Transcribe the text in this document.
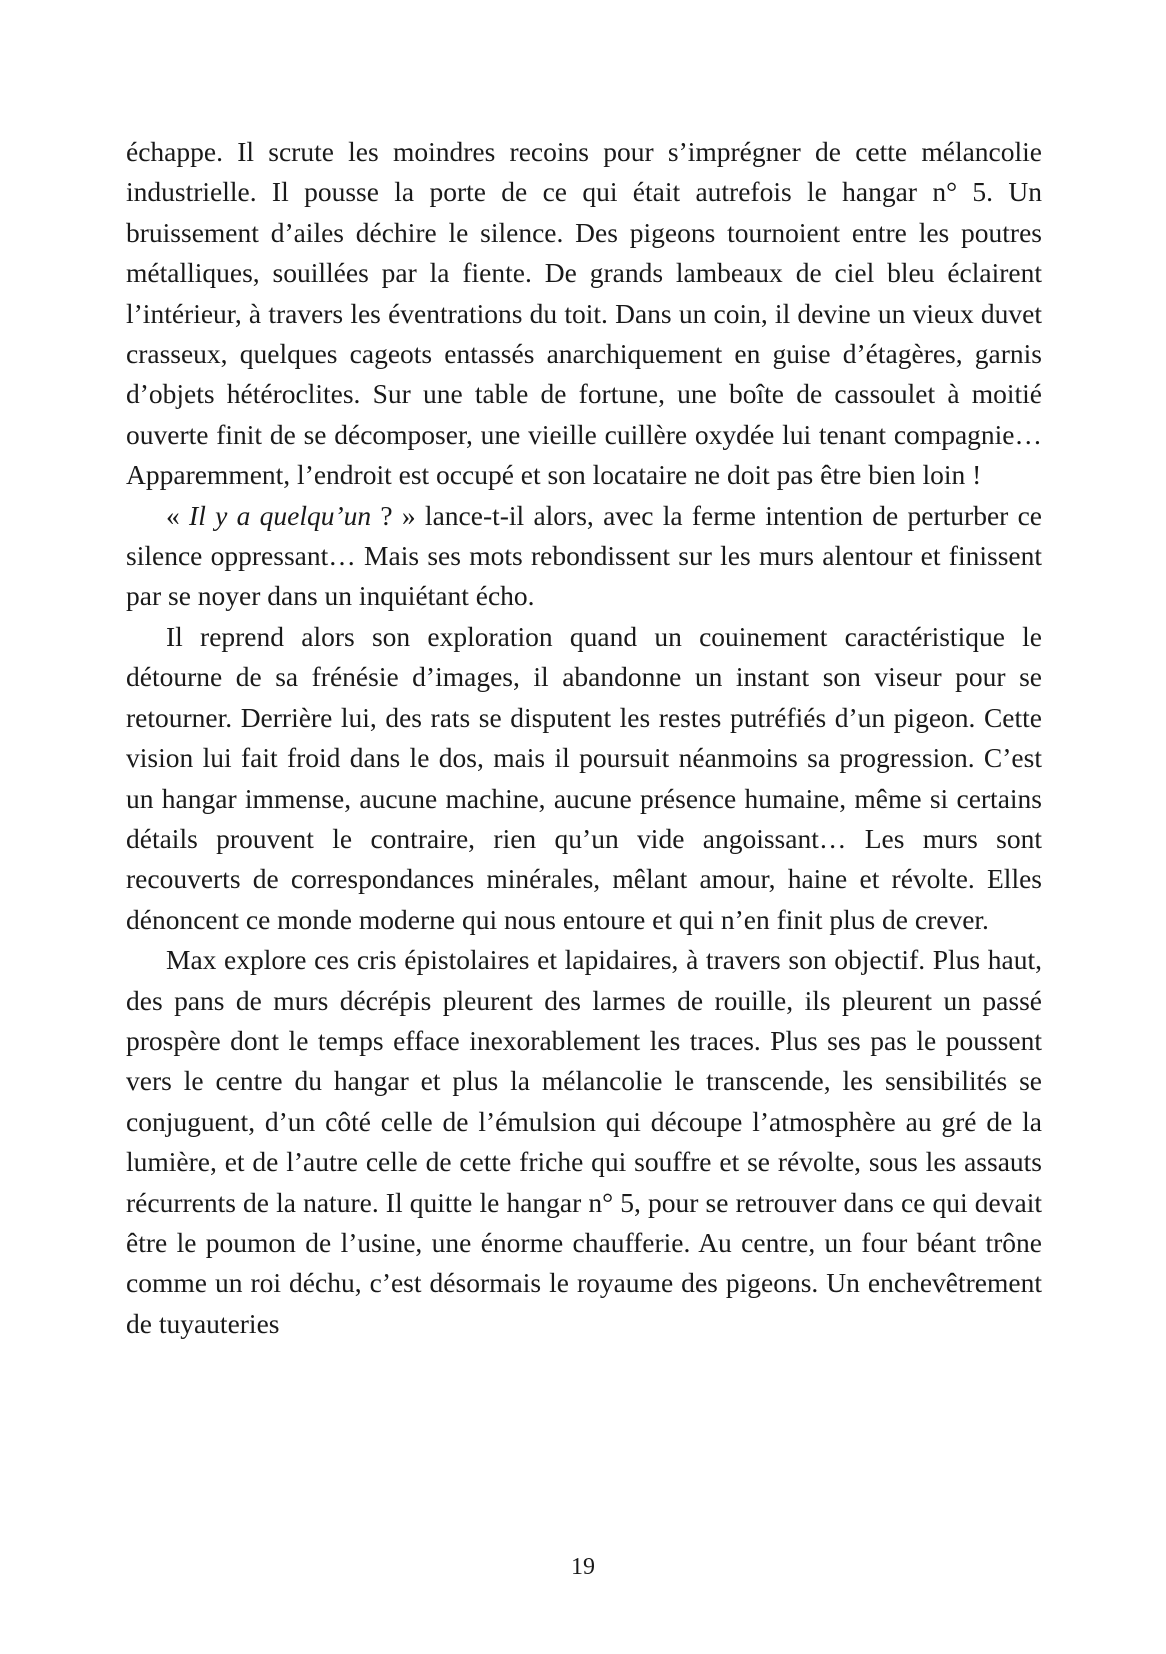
échappe. Il scrute les moindres recoins pour s’imprégner de cette mélancolie industrielle. Il pousse la porte de ce qui était autrefois le hangar n° 5. Un bruissement d’ailes déchire le silence. Des pigeons tournoient entre les poutres métalliques, souillées par la fiente. De grands lambeaux de ciel bleu éclairent l’intérieur, à travers les éventrations du toit. Dans un coin, il devine un vieux duvet crasseux, quelques cageots entassés anarchiquement en guise d’étagères, garnis d’objets hétéroclites. Sur une table de fortune, une boîte de cassoulet à moitié ouverte finit de se décomposer, une vieille cuillère oxydée lui tenant compagnie… Apparemment, l’endroit est occupé et son locataire ne doit pas être bien loin !

« Il y a quelqu’un ? » lance-t-il alors, avec la ferme intention de perturber ce silence oppressant… Mais ses mots rebondissent sur les murs alentour et finissent par se noyer dans un inquiétant écho.

Il reprend alors son exploration quand un couinement caractéristique le détourne de sa frénésie d’images, il abandonne un instant son viseur pour se retourner. Derrière lui, des rats se disputent les restes putréfiés d’un pigeon. Cette vision lui fait froid dans le dos, mais il poursuit néanmoins sa progression. C’est un hangar immense, aucune machine, aucune présence humaine, même si certains détails prouvent le contraire, rien qu’un vide angoissant… Les murs sont recouverts de correspondances minérales, mêlant amour, haine et révolte. Elles dénoncent ce monde moderne qui nous entoure et qui n’en finit plus de crever.

Max explore ces cris épistolaires et lapidaires, à travers son objectif. Plus haut, des pans de murs décrépis pleurent des larmes de rouille, ils pleurent un passé prospère dont le temps efface inexorablement les traces. Plus ses pas le poussent vers le centre du hangar et plus la mélancolie le transcende, les sensibilités se conjuguent, d’un côté celle de l’émulsion qui découpe l’atmosphère au gré de la lumière, et de l’autre celle de cette friche qui souffre et se révolte, sous les assauts récurrents de la nature. Il quitte le hangar n° 5, pour se retrouver dans ce qui devait être le poumon de l’usine, une énorme chaufferie. Au centre, un four béant trône comme un roi déchu, c’est désormais le royaume des pigeons. Un enchevêtrement de tuyauteries

19
